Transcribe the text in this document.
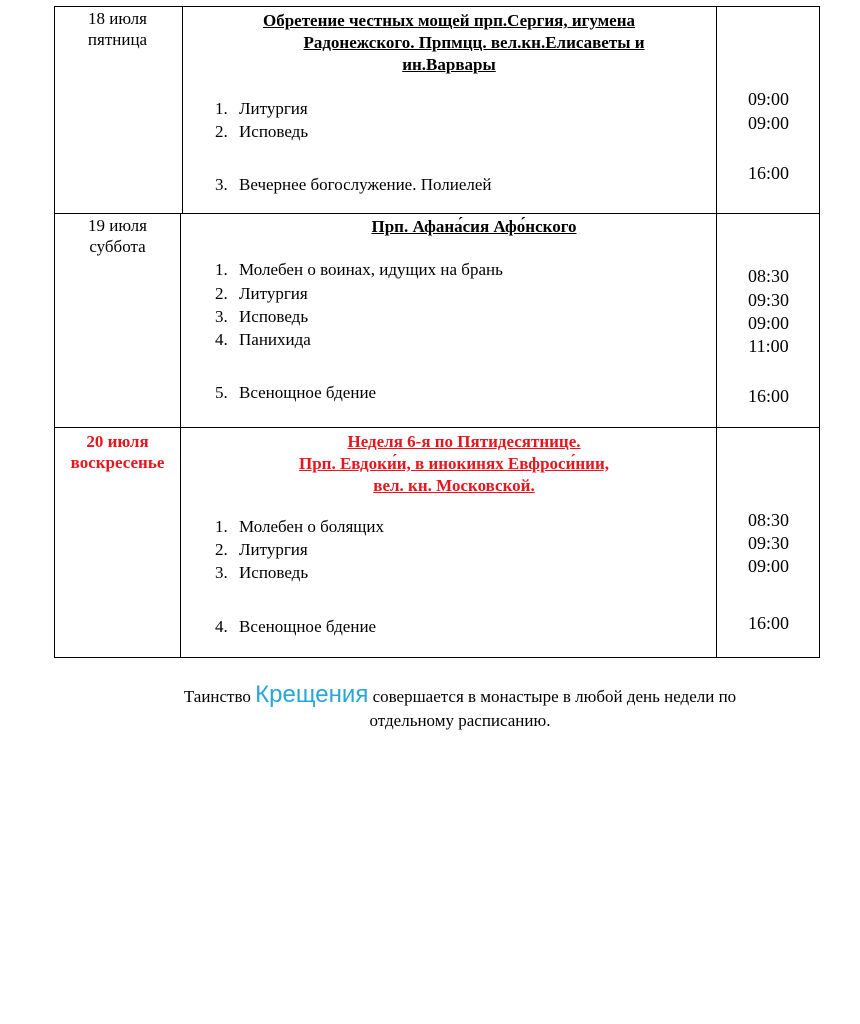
18 июля
пятница
Обретение честных мощей прп.Сергия, игумена
Радонежского. Прпмцц. вел.кн.Елисаветы и
ин.Варвары
1. Литургия
2. Исповедь
3. Вечернее богослужение. Полиелей
09:00
09:00
16:00
19 июля
суббота
Прп. Афана́сия Афо́нского
1. Молебен о воинах, идущих на брань
2. Литургия
3. Исповедь
4. Панихида
5. Всенощное бдение
08:30
09:30
09:00
11:00
16:00
20 июля
воскресенье
Неделя 6-я по Пятидесятнице.
Прп. Евдоки́и, в инокинях Евфроси́нии,
вел. кн. Московской.
1. Молебен о болящих
2. Литургия
3. Исповедь
4. Всенощное бдение
08:30
09:30
09:00
16:00
Таинство Крещения совершается в монастыре в любой день недели по
отдельному расписанию.
